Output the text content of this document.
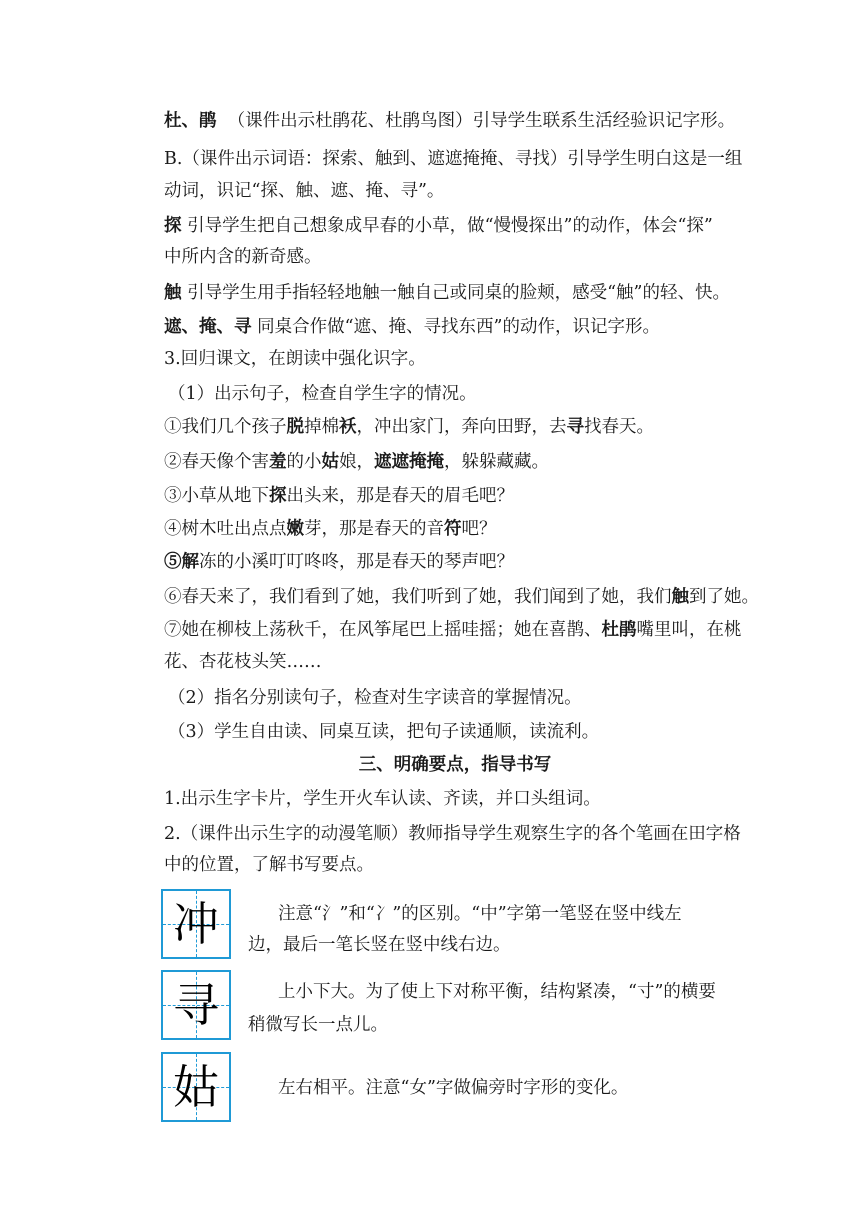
杜、鹃 （课件出示杜鹃花、杜鹃鸟图）引导学生联系生活经验识记字形。
B.（课件出示词语：探索、触到、遮遮掩掩、寻找）引导学生明白这是一组
动词，识记“探、触、遮、掩、寻”。
探 引导学生把自己想象成早春的小草，做“慢慢探出”的动作，体会“探”
中所内含的新奇感。
触 引导学生用手指轻轻地触一触自己或同桌的脸颊，感受“触”的轻、快。
遮、掩、寻 同桌合作做“遮、掩、寻找东西”的动作，识记字形。
3.回归课文，在朗读中强化识字。
（1）出示句子，检查自学生字的情况。
①我们几个孩子脱掉棉袄，冲出家门，奔向田野，去寻找春天。
②春天像个害羞的小姑娘，遮遮掩掩，躲躲藏藏。
③小草从地下探出头来，那是春天的眉毛吧？
④树木吐出点点嫩芽，那是春天的音符吧？
⑤解冻的小溪叮叮咚咚，那是春天的琴声吧？
⑥春天来了，我们看到了她，我们听到了她，我们闻到了她，我们触到了她。
⑦她在柳枝上荡秋千，在风筝尾巴上摇哇摇；她在喜鹊、杜鹃嘴里叫，在桃
花、杏花枝头笑……
（2）指名分别读句子，检查对生字读音的掌握情况。
（3）学生自由读、同桌互读，把句子读通顺，读流利。
三、明确要点，指导书写
1.出示生字卡片，学生开火车认读、齐读，并口头组词。
2.（课件出示生字的动漫笔顺）教师指导学生观察生字的各个笔画在田字格
中的位置，了解书写要点。
冲	注意“氵”和“冫”的区别。“中”字第一笔竖在竖中线左
边，最后一笔长竖在竖中线右边。
寻	上小下大。为了使上下对称平衡，结构紧凑，“寸”的横要
稍微写长一点儿。
姑	左右相平。注意“女”字做偏旁时字形的变化。
